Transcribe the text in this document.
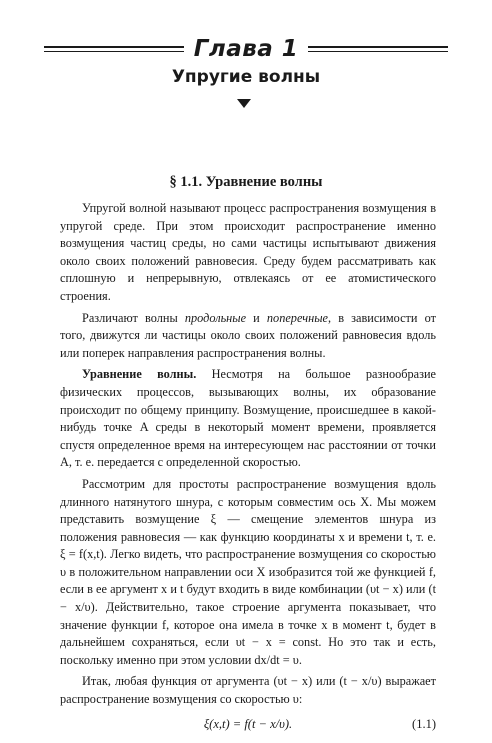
Глава 1
Упругие волны
§ 1.1. Уравнение волны

Упругой волной называют процесс распространения возмущения в упругой среде. При этом происходит распространение именно возмущения частиц среды, но сами частицы испытывают движения около своих положений равновесия. Среду будем рассматривать как сплошную и непрерывную, отвлекаясь от ее атомистического строения.

Различают волны продольные и поперечные, в зависимости от того, движутся ли частицы около своих положений равновесия вдоль или поперек направления распространения волны.

Уравнение волны. Несмотря на большое разнообразие физических процессов, вызывающих волны, их образование происходит по общему принципу. Возмущение, происшедшее в какой-нибудь точке A среды в некоторый момент времени, проявляется спустя определенное время на интересующем нас расстоянии от точки A, т. е. передается с определенной скоростью.

Рассмотрим для простоты распространение возмущения вдоль длинного натянутого шнура, с которым совместим ось X. Мы можем представить возмущение ξ — смещение элементов шнура из положения равновесия — как функцию координаты x и времени t, т. е. ξ = f(x,t). Легко видеть, что распространение возмущения со скоростью υ в положительном направлении оси X изобразится той же функцией f, если в ее аргумент x и t будут входить в виде комбинации (υt − x) или (t − x/υ). Действительно, такое строение аргумента показывает, что значение функции f, которое она имела в точке x в момент t, будет в дальнейшем сохраняться, если υt − x = const. Но это так и есть, поскольку именно при этом условии dx/dt = υ.

Итак, любая функция от аргумента (υt − x) или (t − x/υ) выражает распространение возмущения со скоростью υ:

ξ(x,t) = f(t − x/υ).	(1.1)
